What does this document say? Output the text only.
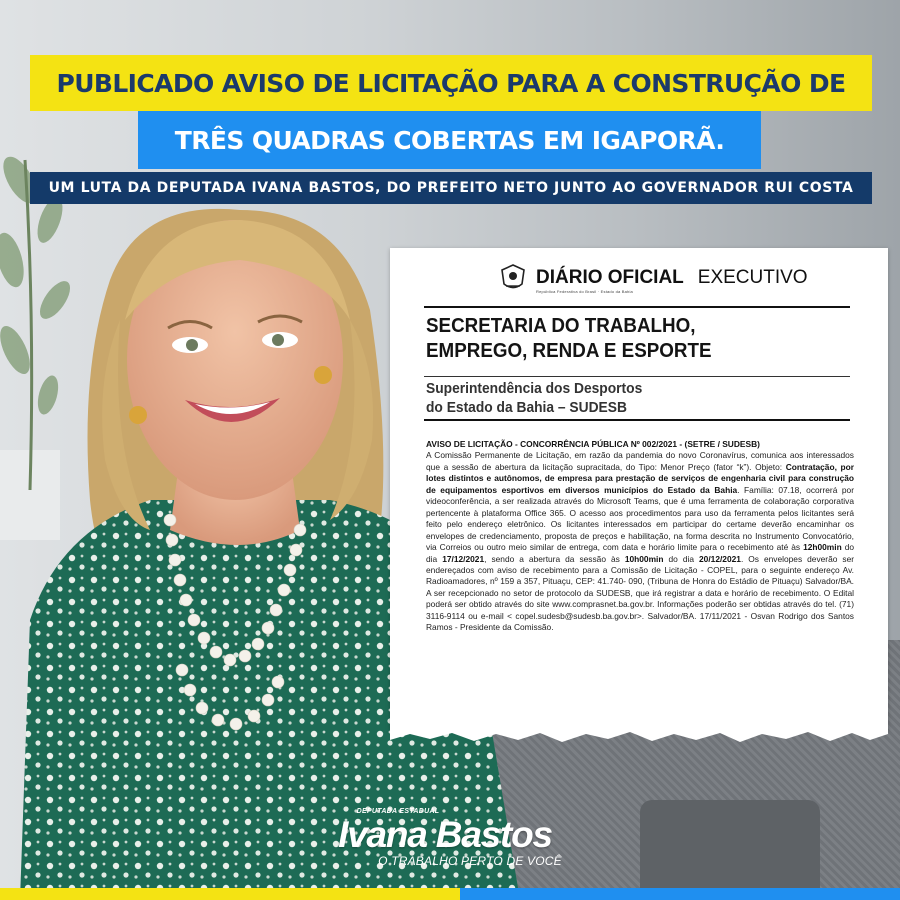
PUBLICADO AVISO DE LICITAÇÃO PARA A CONSTRUÇÃO DE
TRÊS QUADRAS COBERTAS EM IGAPORÃ.
UM LUTA DA DEPUTADA IVANA BASTOS, DO PREFEITO NETO JUNTO AO GOVERNADOR RUI COSTA
DIÁRIO OFICIAL EXECUTIVO
República Federativa do Brasil · Estado da Bahia
SECRETARIA DO TRABALHO,
EMPREGO, RENDA E ESPORTE
Superintendência dos Desportos
do Estado da Bahia – SUDESB
AVISO DE LICITAÇÃO - CONCORRÊNCIA PÚBLICA Nº 002/2021 - (SETRE / SUDESB)
A Comissão Permanente de Licitação, em razão da pandemia do novo Coronavírus, comunica aos interessados que a sessão de abertura da licitação supracitada, do Tipo: Menor Preço (fator “k”). Objeto: Contratação, por lotes distintos e autônomos, de empresa para prestação de serviços de engenharia civil para construção de equipamentos esportivos em diversos municípios do Estado da Bahia. Família: 07.18, ocorrerá por videoconferência, a ser realizada através do Microsoft Teams, que é uma ferramenta de colaboração corporativa pertencente à plataforma Office 365. O acesso aos procedimentos para uso da ferramenta pelos licitantes será feito pelo endereço eletrônico. Os licitantes interessados em participar do certame deverão encaminhar os envelopes de credenciamento, proposta de preços e habilitação, na forma descrita no Instrumento Convocatório, via Correios ou outro meio similar de entrega, com data e horário limite para o recebimento até às 12h00min do dia 17/12/2021, sendo a abertura da sessão às 10h00min do dia 20/12/2021. Os envelopes deverão ser endereçados com aviso de recebimento para a Comissão de Licitação - COPEL, para o seguinte endereço Av. Radioamadores, nº 159 a 357, Pituaçu, CEP: 41.740- 090, (Tribuna de Honra do Estádio de Pituaçu) Salvador/BA. A ser recepcionado no setor de protocolo da SUDESB, que irá registrar a data e horário de recebimento. O Edital poderá ser obtido através do site www.comprasnet.ba.gov.br. Informações poderão ser obtidas através do tel. (71) 3116-9114 ou e-mail < copel.sudesb@sudesb.ba.gov.br>. Salvador/BA. 17/11/2021 - Osvan Rodrigo dos Santos Ramos - Presidente da Comissão.
DEPUTADA ESTADUAL
Ivana Bastos
O TRABALHO PERTO DE VOCÊ
